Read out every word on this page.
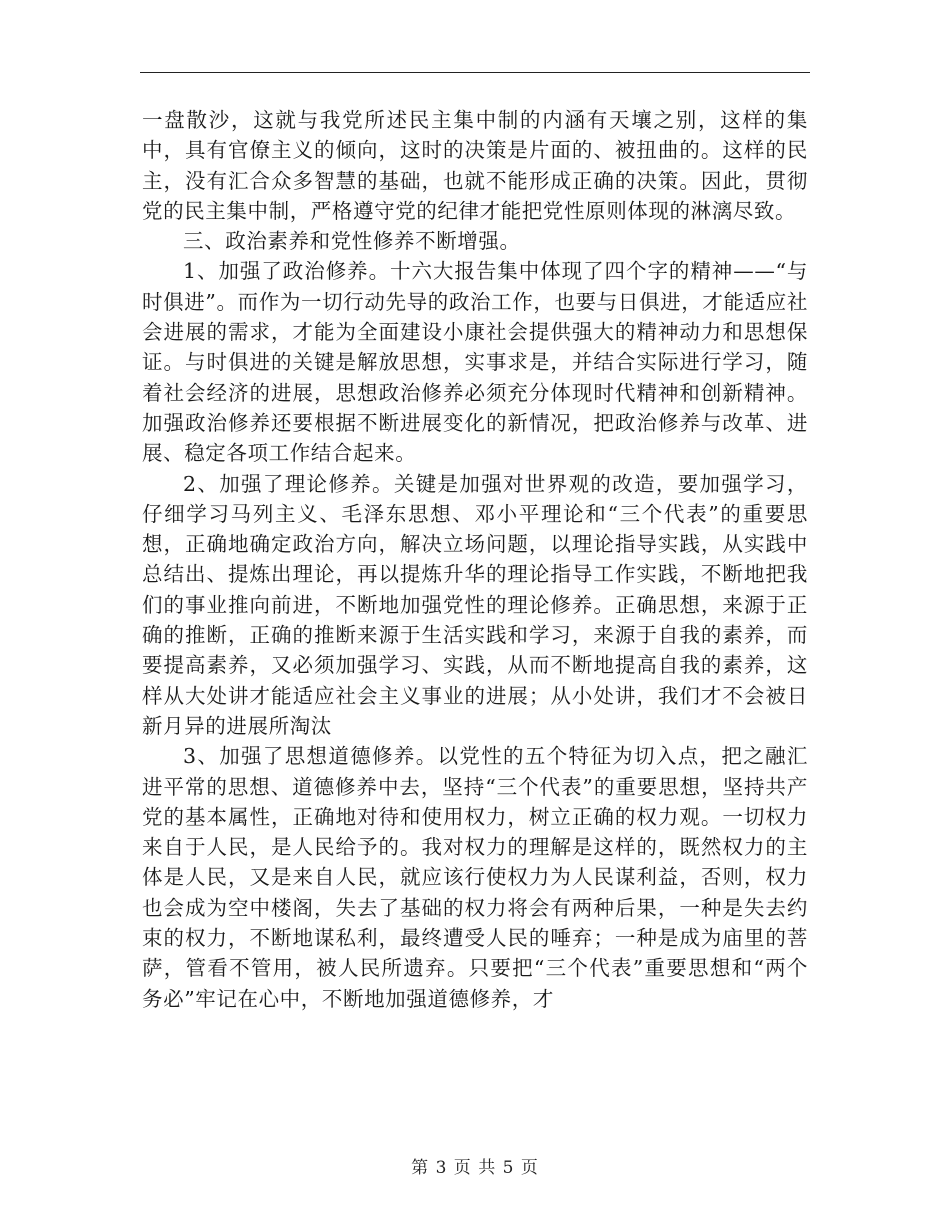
一盘散沙，这就与我党所述民主集中制的内涵有天壤之别，这样的集中，具有官僚主义的倾向，这时的决策是片面的、被扭曲的。这样的民主，没有汇合众多智慧的基础，也就不能形成正确的决策。因此，贯彻党的民主集中制，严格遵守党的纪律才能把党性原则体现的淋漓尽致。

三、政治素养和党性修养不断增强。

1、加强了政治修养。十六大报告集中体现了四个字的精神——“与时俱进”。而作为一切行动先导的政治工作，也要与日俱进，才能适应社会进展的需求，才能为全面建设小康社会提供强大的精神动力和思想保证。与时俱进的关键是解放思想，实事求是，并结合实际进行学习，随着社会经济的进展，思想政治修养必须充分体现时代精神和创新精神。加强政治修养还要根据不断进展变化的新情况，把政治修养与改革、进展、稳定各项工作结合起来。

2、加强了理论修养。关键是加强对世界观的改造，要加强学习，仔细学习马列主义、毛泽东思想、邓小平理论和“三个代表”的重要思想，正确地确定政治方向，解决立场问题，以理论指导实践，从实践中总结出、提炼出理论，再以提炼升华的理论指导工作实践，不断地把我们的事业推向前进，不断地加强党性的理论修养。正确思想，来源于正确的推断，正确的推断来源于生活实践和学习，来源于自我的素养，而要提高素养，又必须加强学习、实践，从而不断地提高自我的素养，这样从大处讲才能适应社会主义事业的进展；从小处讲，我们才不会被日新月异的进展所淘汰

3、加强了思想道德修养。以党性的五个特征为切入点，把之融汇进平常的思想、道德修养中去，坚持“三个代表”的重要思想，坚持共产党的基本属性，正确地对待和使用权力，树立正确的权力观。一切权力来自于人民，是人民给予的。我对权力的理解是这样的，既然权力的主体是人民，又是来自人民，就应该行使权力为人民谋利益，否则，权力也会成为空中楼阁，失去了基础的权力将会有两种后果，一种是失去约束的权力，不断地谋私利，最终遭受人民的唾弃；一种是成为庙里的菩萨，管看不管用，被人民所遗弃。只要把“三个代表”重要思想和“两个务必”牢记在心中，不断地加强道德修养，才

第 3 页 共 5 页
